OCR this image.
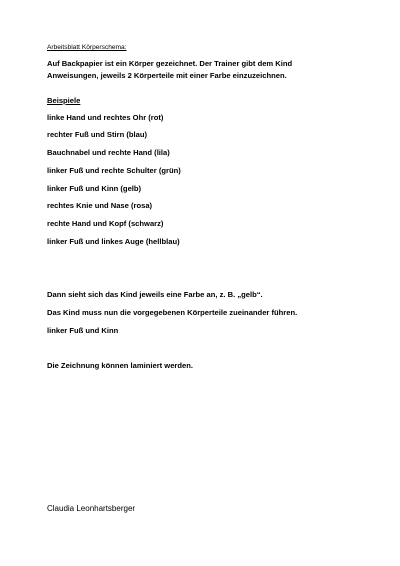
Arbeitsblatt Körperschema:
Auf Backpapier ist ein Körper gezeichnet. Der Trainer gibt dem Kind
Anweisungen, jeweils 2 Körperteile mit einer Farbe einzuzeichnen.
Beispiele
linke Hand und rechtes Ohr (rot)
rechter Fuß und Stirn (blau)
Bauchnabel und rechte Hand (lila)
linker Fuß und rechte Schulter (grün)
linker Fuß und Kinn (gelb)
rechtes Knie und Nase (rosa)
rechte Hand und Kopf (schwarz)
linker Fuß und linkes Auge (hellblau)
Dann sieht sich das Kind jeweils eine Farbe an, z. B. „gelb“.
Das Kind muss nun die vorgegebenen Körperteile zueinander führen.
linker Fuß und Kinn
Die Zeichnung können laminiert werden.
Claudia Leonhartsberger
